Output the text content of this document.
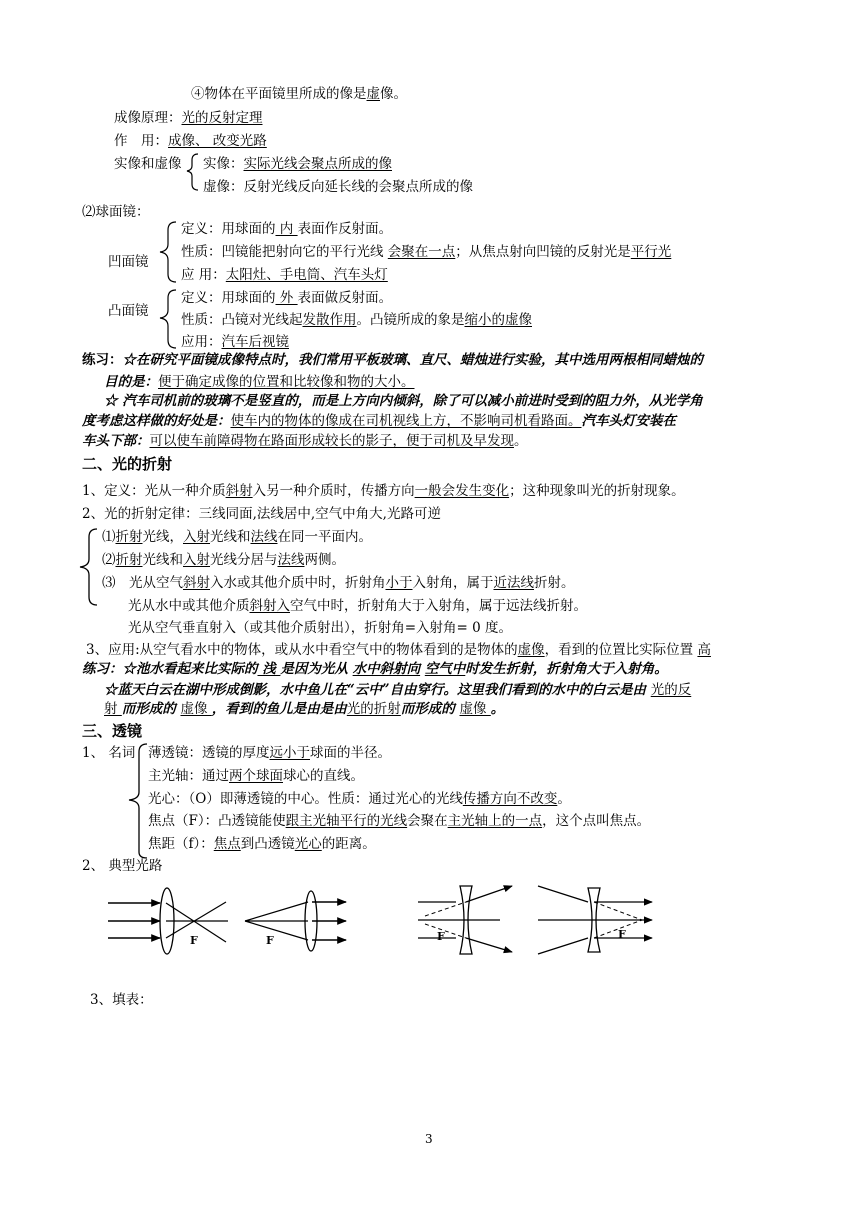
④物体在平面镜里所成的像是虚像。
成像原理：光的反射定理
作　用：成像、 改变光路
实像和虚像 实像：实际光线会聚点所成的像
虚像：反射光线反向延长线的会聚点所成的像
⑵球面镜：
凹面镜
定义：用球面的 内 表面作反射面。
性质：凹镜能把射向它的平行光线 会聚在一点；从焦点射向凹镜的反射光是平行光
应 用：太阳灶、手电筒、汽车头灯
凸面镜
定义：用球面的 外 表面做反射面。
性质：凸镜对光线起发散作用。凸镜所成的象是缩小的虚像
应用：汽车后视镜
练习：☆在研究平面镜成像特点时，我们常用平板玻璃、直尺、蜡烛进行实验，其中选用两根相同蜡烛的
目的是：便于确定成像的位置和比较像和物的大小。
☆ 汽车司机前的玻璃不是竖直的，而是上方向内倾斜，除了可以减小前进时受到的阻力外，从光学角
度考虑这样做的好处是：使车内的物体的像成在司机视线上方，不影响司机看路面。汽车头灯安装在
车头下部：可以使车前障碍物在路面形成较长的影子，便于司机及早发现。
二、光的折射
1、定义：光从一种介质斜射入另一种介质时，传播方向一般会发生变化；这种现象叫光的折射现象。
2、光的折射定律：三线同面,法线居中,空气中角大,光路可逆
⑴折射光线，入射光线和法线在同一平面内。
⑵折射光线和入射光线分居与法线两侧。
⑶　光从空气斜射入水或其他介质中时，折射角小于入射角，属于近法线折射。
光从水中或其他介质斜射入空气中时，折射角大于入射角，属于远法线折射。
光从空气垂直射入（或其他介质射出），折射角=入射角= 0 度。
3、应用:从空气看水中的物体，或从水中看空气中的物体看到的是物体的虚像，看到的位置比实际位置 高
练习：☆池水看起来比实际的 浅 是因为光从 水中斜射向 空气中时发生折射，折射角大于入射角。
☆蓝天白云在湖中形成倒影，水中鱼儿在“云中”自由穿行。这里我们看到的水中的白云是由 光的反
射 而形成的 虚像 ，看到的鱼儿是由是由光的折射而形成的 虚像 。
三、透镜
1、 名词 薄透镜：透镜的厚度远小于球面的半径。
主光轴：通过两个球面球心的直线。
光心：（O）即薄透镜的中心。性质：通过光心的光线传播方向不改变。
焦点（F）：凸透镜能使跟主光轴平行的光线会聚在主光轴上的一点，这个点叫焦点。
焦距（f）：焦点到凸透镜光心的距离。
2、 典型光路
F	F	F	F
3、填表：
3
